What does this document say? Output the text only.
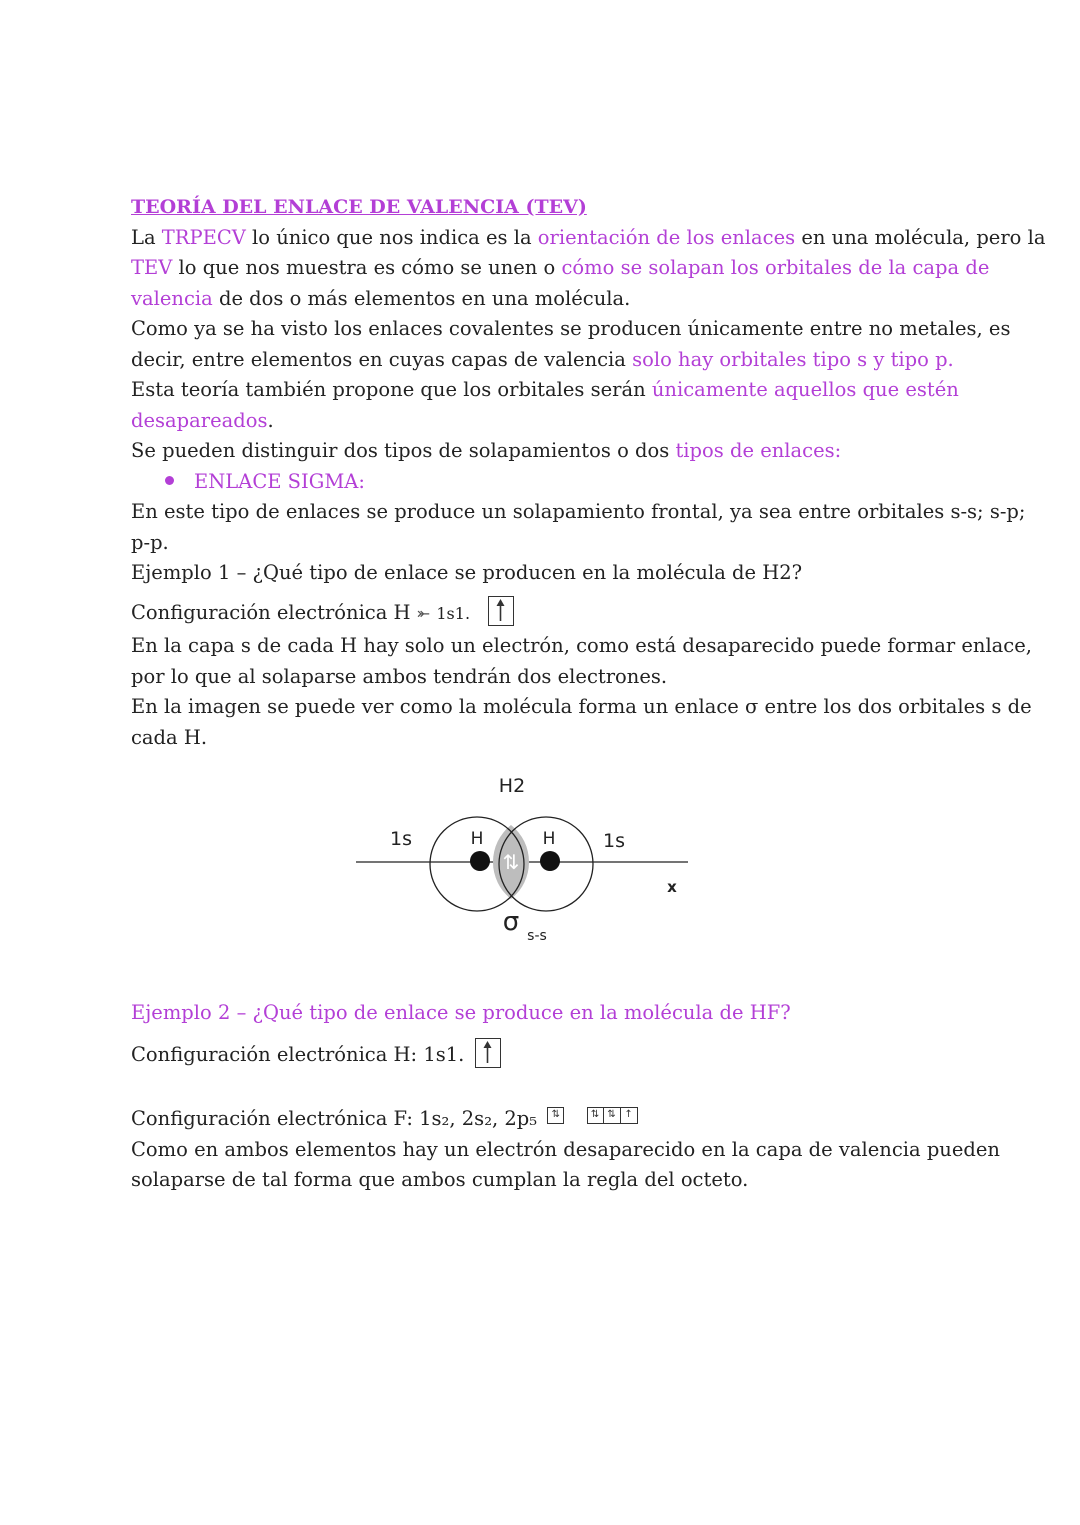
TEORÍA DEL ENLACE DE VALENCIA (TEV)
La TRPECV lo único que nos indica es la orientación de los enlaces en una molécula, pero la
TEV lo que nos muestra es cómo se unen o cómo se solapan los orbitales de la capa de
valencia de dos o más elementos en una molécula.
Como ya se ha visto los enlaces covalentes se producen únicamente entre no metales, es
decir, entre elementos en cuyas capas de valencia solo hay orbitales tipo s y tipo p.
Esta teoría también propone que los orbitales serán únicamente aquellos que estén
desapareados.
Se pueden distinguir dos tipos de solapamientos o dos tipos de enlaces:
ENLACE SIGMA:
En este tipo de enlaces se produce un solapamiento frontal, ya sea entre orbitales s-s; s-p;
p-p.
Ejemplo 1 – ¿Qué tipo de enlace se producen en la molécula de H2?
Configuración electrónica H ⤜ 1s1.
En la capa s de cada H hay solo un electrón, como está desaparecido puede formar enlace,
por lo que al solaparse ambos tendrán dos electrones.
En la imagen se puede ver como la molécula forma un enlace σ entre los dos orbitales s de
cada H.
⇅
H2
1s	1s
H	H
x
σ s-s
Ejemplo 2 – ¿Qué tipo de enlace se produce en la molécula de HF?
Configuración electrónica H: 1s1.
Configuración electrónica F: 1s₂, 2s₂, 2p₅ ⇅	⇅ ⇅ ↑
Como en ambos elementos hay un electrón desaparecido en la capa de valencia pueden
solaparse de tal forma que ambos cumplan la regla del octeto.
